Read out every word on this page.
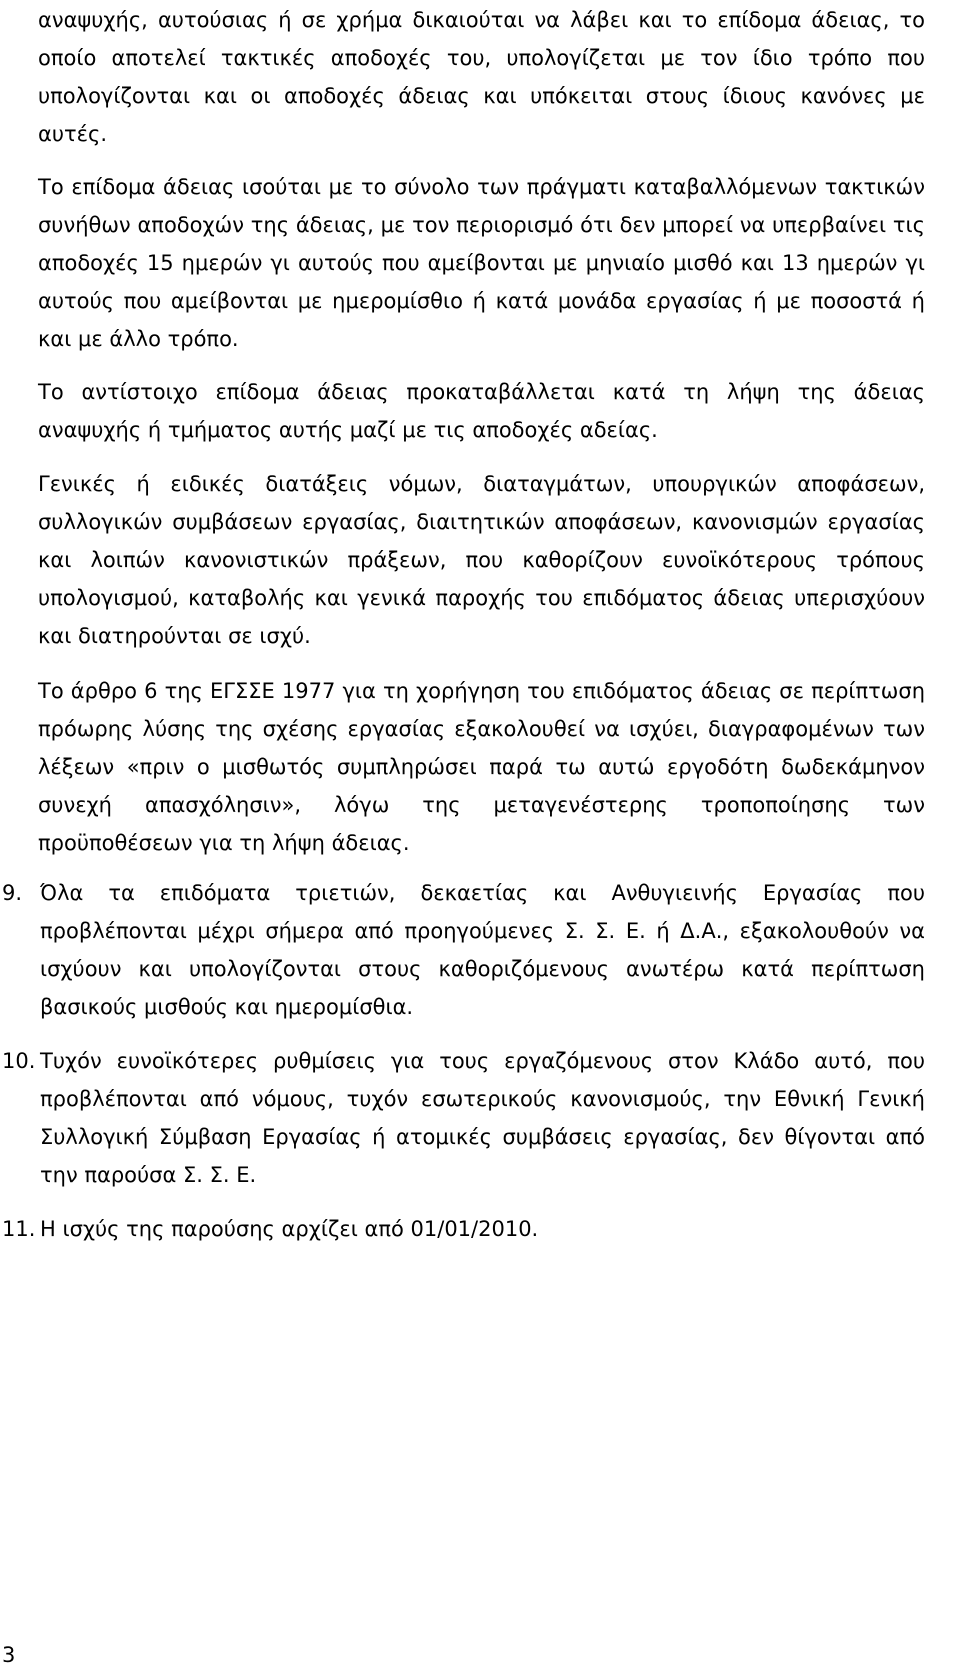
αναψυχής, αυτούσιας ή σε χρήμα δικαιούται να λάβει και το επίδομα άδειας, το οποίο αποτελεί τακτικές αποδοχές του, υπολογίζεται με τον ίδιο τρόπο που υπολογίζονται και οι αποδοχές άδειας και υπόκειται στους ίδιους κανόνες με αυτές.

Το επίδομα άδειας ισούται με το σύνολο των πράγματι καταβαλλόμενων τακτικών συνήθων αποδοχών της άδειας, με τον περιορισμό ότι δεν μπορεί να υπερβαίνει τις αποδοχές 15 ημερών γι αυτούς που αμείβονται με μηνιαίο μισθό και 13 ημερών γι αυτούς που αμείβονται με ημερομίσθιο ή κατά μονάδα εργασίας ή με ποσοστά ή και με άλλο τρόπο.

Το αντίστοιχο επίδομα άδειας προκαταβάλλεται κατά τη λήψη της άδειας αναψυχής ή τμήματος αυτής μαζί με τις αποδοχές αδείας.

Γενικές ή ειδικές διατάξεις νόμων, διαταγμάτων, υπουργικών αποφάσεων, συλλογικών συμβάσεων εργασίας, διαιτητικών αποφάσεων, κανονισμών εργασίας και λοιπών κανονιστικών πράξεων, που καθορίζουν ευνοϊκότερους τρόπους υπολογισμού, καταβολής και γενικά παροχής του επιδόματος άδειας υπερισχύουν και διατηρούνται σε ισχύ.

Το άρθρο 6 της ΕΓΣΣΕ 1977 για τη χορήγηση του επιδόματος άδειας σε περίπτωση πρόωρης λύσης της σχέσης εργασίας εξακολουθεί να ισχύει, διαγραφομένων των λέξεων «πριν ο μισθωτός συμπληρώσει παρά τω αυτώ εργοδότη δωδεκάμηνον συνεχή απασχόλησιν», λόγω της μεταγενέστερης τροποποίησης των προϋποθέσεων για τη λήψη άδειας.

9. Όλα τα επιδόματα τριετιών, δεκαετίας και Ανθυγιεινής Εργασίας που προβλέπονται μέχρι σήμερα από προηγούμενες Σ. Σ. Ε. ή Δ.Α., εξακολουθούν να ισχύουν και υπολογίζονται στους καθοριζόμενους ανωτέρω κατά περίπτωση βασικούς μισθούς και ημερομίσθια.

10. Τυχόν ευνοϊκότερες ρυθμίσεις για τους εργαζόμενους στον Κλάδο αυτό, που προβλέπονται από νόμους, τυχόν εσωτερικούς κανονισμούς, την Εθνική Γενική Συλλογική Σύμβαση Εργασίας ή ατομικές συμβάσεις εργασίας, δεν θίγονται από την παρούσα Σ. Σ. Ε.

11. Η ισχύς της παρούσης αρχίζει από 01/01/2010.

3
